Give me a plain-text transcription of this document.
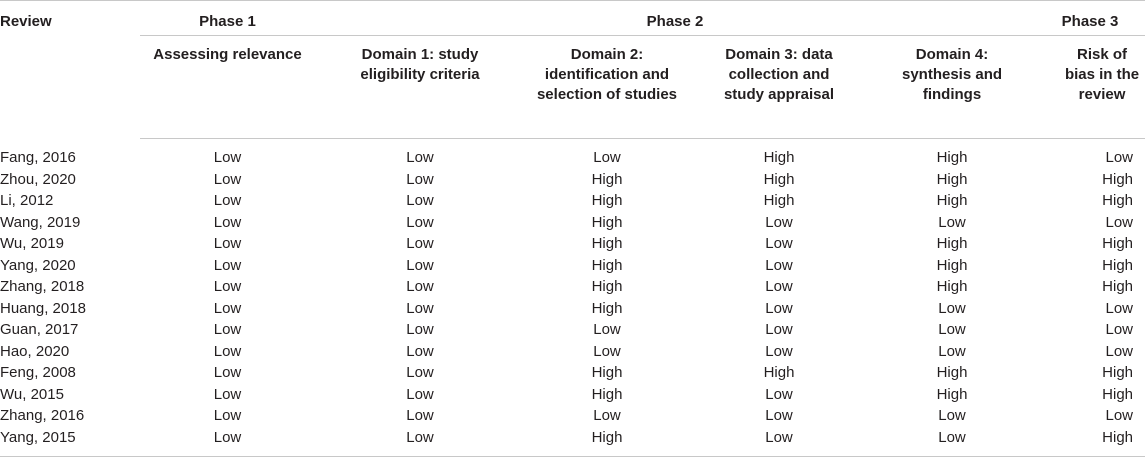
Review	Phase 1	Phase 2				Phase 3
	Assessing relevance	Domain 1: study eligibility criteria	Domain 2: identification and selection of studies	Domain 3: data collection and study appraisal	Domain 4: synthesis and findings	Risk of bias in the review

Fang, 2016	Low	Low	Low	High	High	Low
Zhou, 2020	Low	Low	High	High	High	High
Li, 2012	Low	Low	High	High	High	High
Wang, 2019	Low	Low	High	Low	Low	Low
Wu, 2019	Low	Low	High	Low	High	High
Yang, 2020	Low	Low	High	Low	High	High
Zhang, 2018	Low	Low	High	Low	High	High
Huang, 2018	Low	Low	High	Low	Low	Low
Guan, 2017	Low	Low	Low	Low	Low	Low
Hao, 2020	Low	Low	Low	Low	Low	Low
Feng, 2008	Low	Low	High	High	High	High
Wu, 2015	Low	Low	High	Low	High	High
Zhang, 2016	Low	Low	Low	Low	Low	Low
Yang, 2015	Low	Low	High	Low	Low	High
